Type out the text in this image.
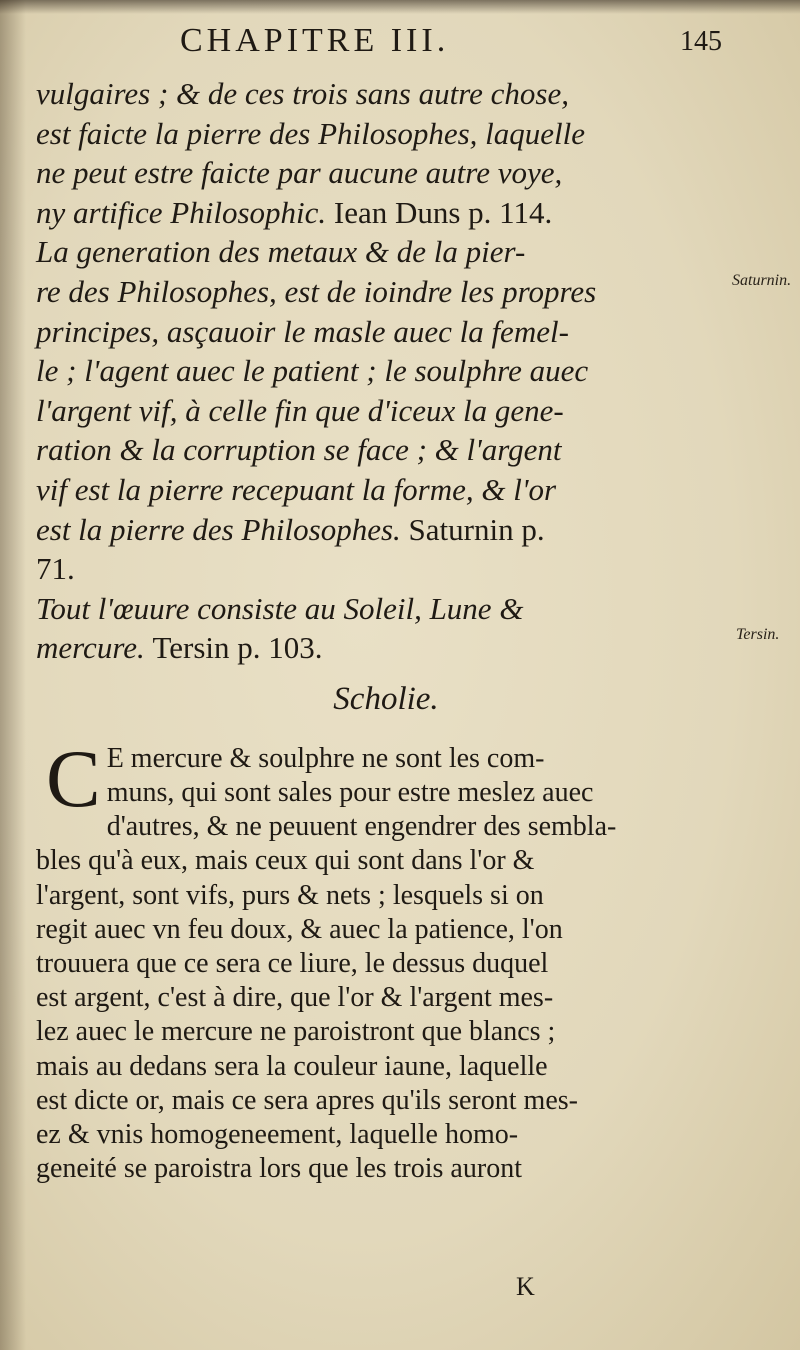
CHAPITRE III.	145
vulgaires ; & de ces trois sans autre chose,
est faicte la pierre des Philosophes, laquelle
ne peut estre faicte par aucune autre voye,
ny artifice Philosophic. Iean Duns p. 114.
La generation des metaux & de la pier-
re des Philosophes, est de ioindre les propres
principes, asçauoir le masle auec la femel-
le ; l'agent auec le patient ; le soulphre auec
l'argent vif, à celle fin que d'iceux la gene-
ration & la corruption se face ; & l'argent
vif est la pierre recepuant la forme, & l'or
est la pierre des Philosophes. Saturnin p.
71.
Tout l'œuure consiste au Soleil, Lune &
mercure. Tersin p. 103.
Scholie.
C E mercure & soulphre ne sont les com-
muns, qui sont sales pour estre meslez auec
d'autres, & ne peuuent engendrer des sembla-
bles qu'à eux, mais ceux qui sont dans l'or &
l'argent, sont vifs, purs & nets ; lesquels si on
regit auec vn feu doux, & auec la patience, l'on
trouuera que ce sera ce liure, le dessus duquel
est argent, c'est à dire, que l'or & l'argent mes-
lez auec le mercure ne paroistront que blancs ;
mais au dedans sera la couleur iaune, laquelle
est dicte or, mais ce sera apres qu'ils seront mes-
ez & vnis homogeneement, laquelle homo-
geneité se paroistra lors que les trois auront
Saturnin.
Tersin.
K
